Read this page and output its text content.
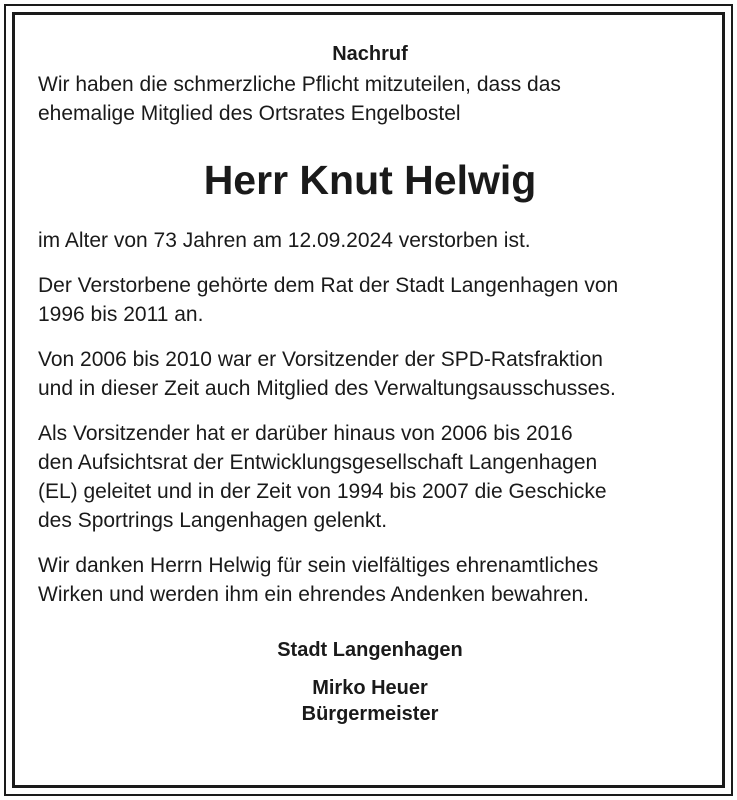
Nachruf

Wir haben die schmerzliche Pflicht mitzuteilen, dass das

ehemalige Mitglied des Ortsrates Engelbostel

Herr Knut Helwig

im Alter von 73 Jahren am 12.09.2024 verstorben ist.

Der Verstorbene gehörte dem Rat der Stadt Langenhagen von

1996 bis 2011 an.

Von 2006 bis 2010 war er Vorsitzender der SPD-Ratsfraktion

und in dieser Zeit auch Mitglied des Verwaltungsausschusses.

Als Vorsitzender hat er darüber hinaus von 2006 bis 2016

den Aufsichtsrat der Entwicklungsgesellschaft Langenhagen

(EL) geleitet und in der Zeit von 1994 bis 2007 die Geschicke

des Sportrings Langenhagen gelenkt.

Wir danken Herrn Helwig für sein vielfältiges ehrenamtliches

Wirken und werden ihm ein ehrendes Andenken bewahren.

Stadt Langenhagen

Mirko Heuer

Bürgermeister
